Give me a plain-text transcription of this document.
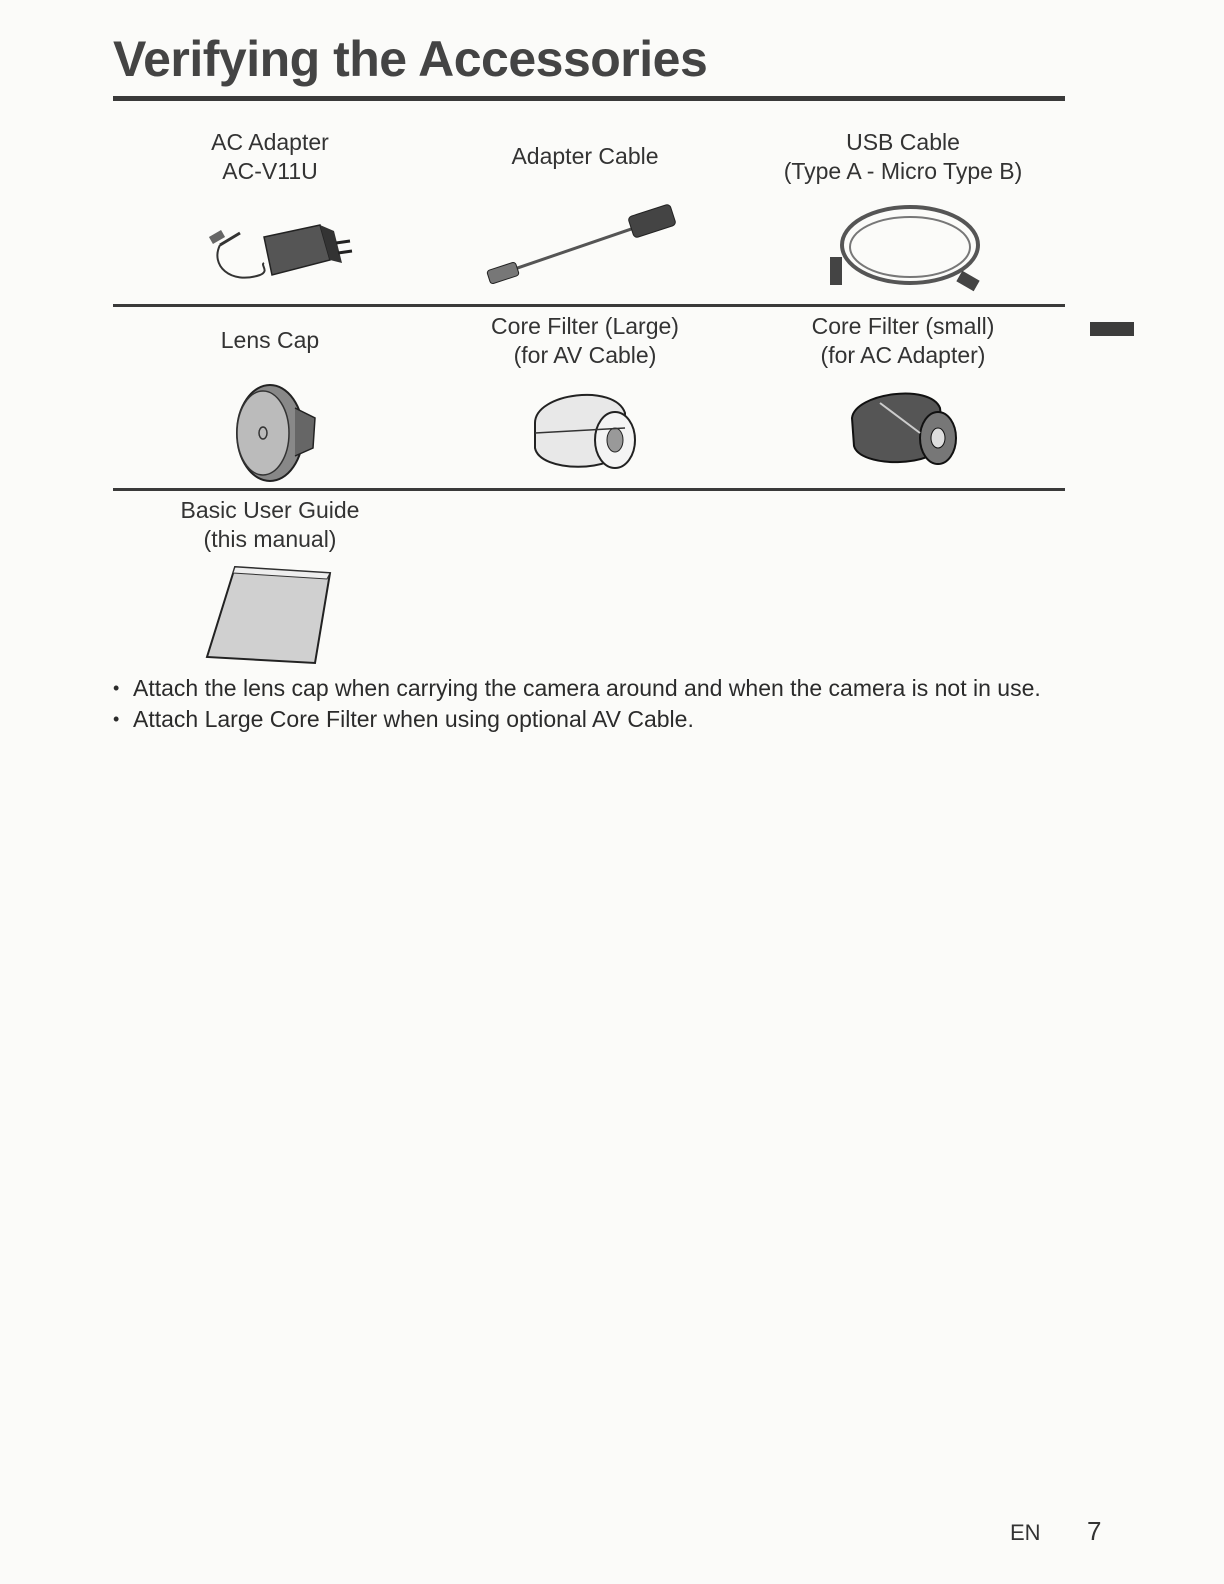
Verifying the Accessories
AC Adapter
AC-V11U
Adapter Cable
USB Cable
(Type A - Micro Type B)
Lens Cap
Core Filter (Large)
(for AV Cable)
Core Filter (small)
(for AC Adapter)
Basic User Guide
(this manual)
• Attach the lens cap when carrying the camera around and when the camera is not in use.
• Attach Large Core Filter when using optional AV Cable.
EN 7
